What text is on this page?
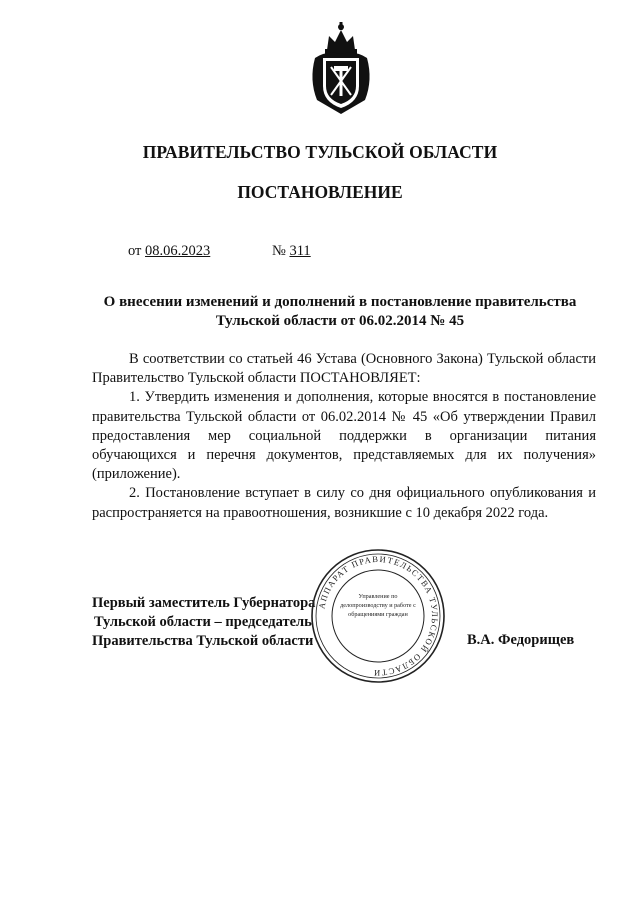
ПРАВИТЕЛЬСТВО ТУЛЬСКОЙ ОБЛАСТИ
ПОСТАНОВЛЕНИЕ
от 08.06.2023	№ 311
О внесении изменений и дополнений в постановление правительства
Тульской области от 06.02.2014 № 45

В соответствии со статьей 46 Устава (Основного Закона) Тульской области Правительство Тульской области ПОСТАНОВЛЯЕТ:

1. Утвердить изменения и дополнения, которые вносятся в постановление правительства Тульской области от 06.02.2014 № 45 «Об утверждении Правил предоставления мер социальной поддержки в организации питания обучающихся и перечня документов, представляемых для их получения» (приложение).

2. Постановление вступает в силу со дня официального опубликования и распространяется на правоотношения, возникшие с 10 декабря 2022 года.

Первый заместитель Губернатора
Тульской области – председатель
Правительства Тульской области	В.А. Федорищев
АППАРАТ ПРАВИТЕЛЬСТВА ТУЛЬСКОЙ ОБЛАСТИ
Управление по делопроизводству и работе с обращениями граждан
